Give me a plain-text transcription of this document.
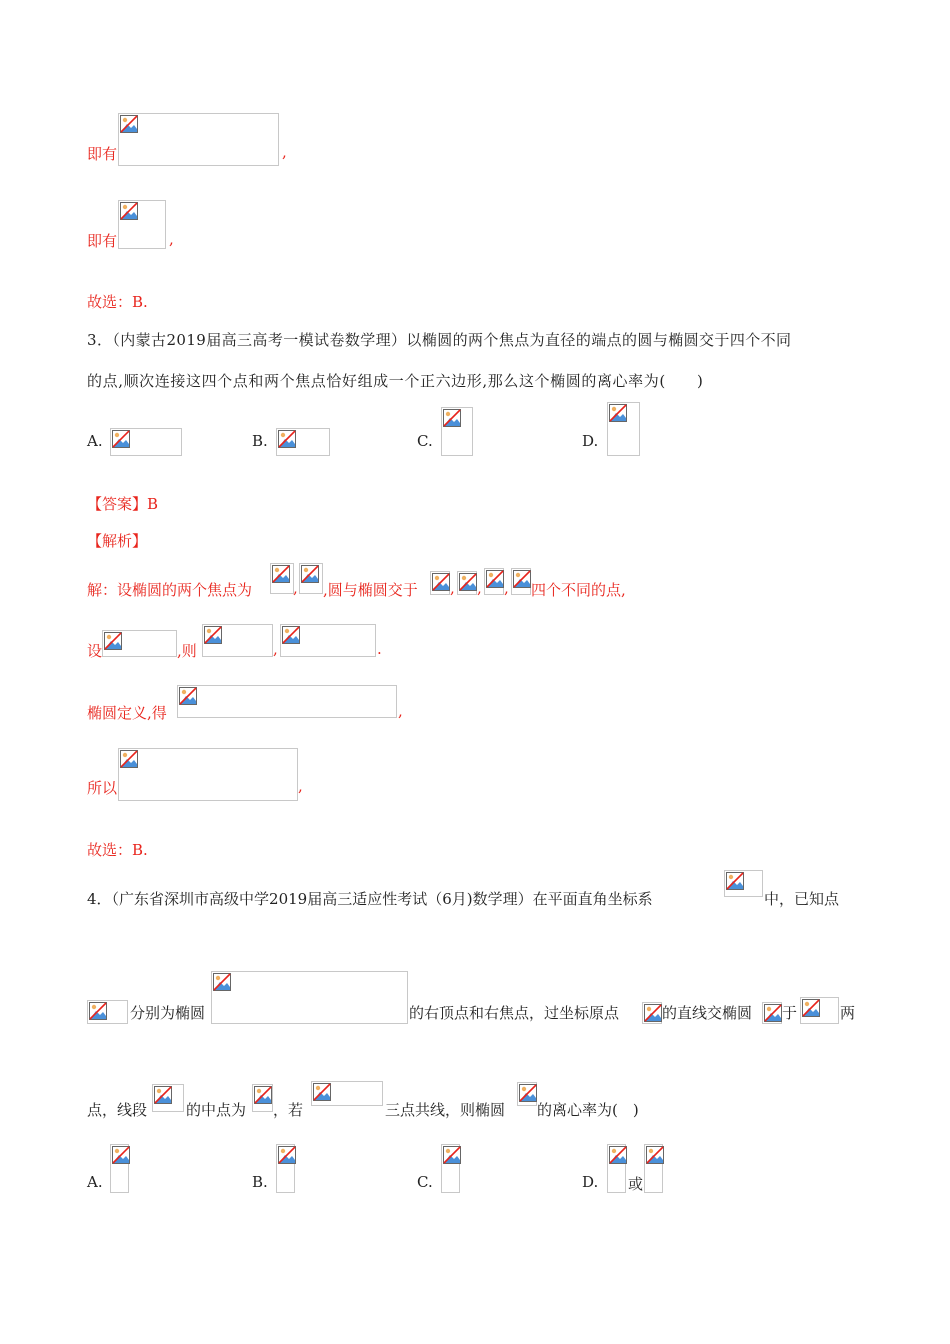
即有	,
即有	,
故选：B.
3．（内蒙古2019届高三高考一模试卷数学理）以椭圆的两个焦点为直径的端点的圆与椭圆交于四个不同
的点,顺次连接这四个点和两个焦点恰好组成一个正六边形,那么这个椭圆的离心率为(　　)
A.	B.	C.	D.
【答案】B
【解析】
解：设椭圆的两个焦点为	, ,圆与椭圆交于 , , , 四个不同的点,
设	,则	,	.
椭圆定义,得	,
所以	,
故选：B.
4．（广东省深圳市高级中学2019届高三适应性考试（6月)数学理）在平面直角坐标系	中，已知点
分别为椭圆	的右顶点和右焦点，过坐标原点	的直线交椭圆 于	两
点，线段	的中点为 ，若	三点共线，则椭圆 的离心率为(　)
A.	B.	C.	D. 或
